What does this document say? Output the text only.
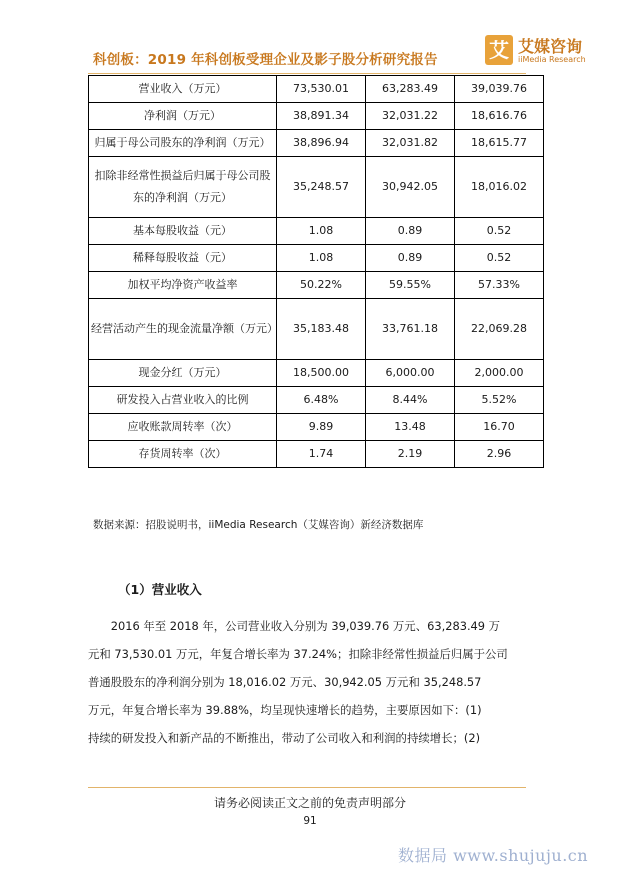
科创板：2019 年科创板受理企业及影子股分析研究报告	艾 艾媒咨询
iiMedia Research
营业收入（万元）	73,530.01	63,283.49	39,039.76
净利润（万元）	38,891.34	32,031.22	18,616.76
归属于母公司股东的净利润（万元）	38,896.94	32,031.82	18,615.77
扣除非经常性损益后归属于母公司股东的净利润（万元）	35,248.57	30,942.05	18,016.02
基本每股收益（元）	1.08	0.89	0.52
稀释每股收益（元）	1.08	0.89	0.52
加权平均净资产收益率	50.22%	59.55%	57.33%
经营活动产生的现金流量净额（万元）	35,183.48	33,761.18	22,069.28
现金分红（万元）	18,500.00	6,000.00	2,000.00
研发投入占营业收入的比例	6.48%	8.44%	5.52%
应收账款周转率（次）	9.89	13.48	16.70
存货周转率（次）	1.74	2.19	2.96
数据来源：招股说明书，iiMedia Research（艾媒咨询）新经济数据库
（1）营业收入
　　2016 年至 2018 年，公司营业收入分别为 39,039.76 万元、63,283.49 万
元和 73,530.01 万元，年复合增长率为 37.24%；扣除非经常性损益后归属于公司
普通股股东的净利润分别为 18,016.02 万元、30,942.05 万元和 35,248.57
万元，年复合增长率为 39.88%，均呈现快速增长的趋势，主要原因如下：(1)
持续的研发投入和新产品的不断推出，带动了公司收入和利润的持续增长；(2)
请务必阅读正文之前的免责声明部分
91
数据局 www.shujuju.cn
